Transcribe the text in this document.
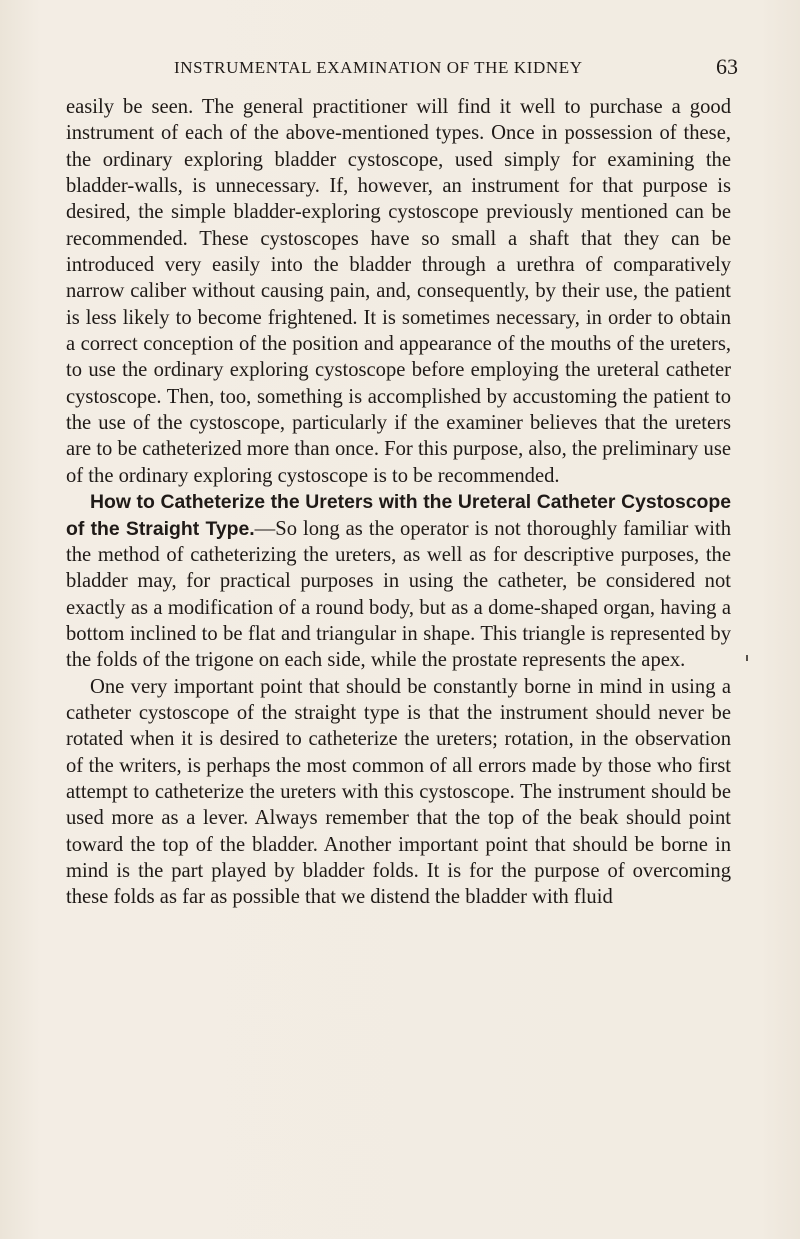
INSTRUMENTAL EXAMINATION OF THE KIDNEY	63

easily be seen. The general practitioner will find it well to purchase a good instrument of each of the above-mentioned types. Once in possession of these, the ordinary exploring bladder cystoscope, used simply for examining the bladder-walls, is unnecessary. If, however, an instrument for that purpose is desired, the simple bladder-exploring cystoscope previously mentioned can be recommended. These cystoscopes have so small a shaft that they can be introduced very easily into the bladder through a urethra of comparatively narrow caliber without causing pain, and, consequently, by their use, the patient is less likely to become frightened. It is sometimes necessary, in order to obtain a correct conception of the position and appearance of the mouths of the ureters, to use the ordinary exploring cystoscope before employing the ureteral catheter cystoscope. Then, too, something is accomplished by accustoming the patient to the use of the cystoscope, particularly if the examiner believes that the ureters are to be catheterized more than once. For this purpose, also, the preliminary use of the ordinary exploring cystoscope is to be recommended.

How to Catheterize the Ureters with the Ureteral Catheter Cystoscope of the Straight Type.—So long as the operator is not thoroughly familiar with the method of catheterizing the ureters, as well as for descriptive purposes, the bladder may, for practical purposes in using the catheter, be considered not exactly as a modification of a round body, but as a dome-shaped organ, having a bottom inclined to be flat and triangular in shape. This triangle is represented by the folds of the trigone on each side, while the prostate represents the apex.

One very important point that should be constantly borne in mind in using a catheter cystoscope of the straight type is that the instrument should never be rotated when it is desired to catheterize the ureters; rotation, in the observation of the writers, is perhaps the most common of all errors made by those who first attempt to catheterize the ureters with this cystoscope. The instrument should be used more as a lever. Always remember that the top of the beak should point toward the top of the bladder. Another important point that should be borne in mind is the part played by bladder folds. It is for the purpose of overcoming these folds as far as possible that we distend the bladder with fluid
